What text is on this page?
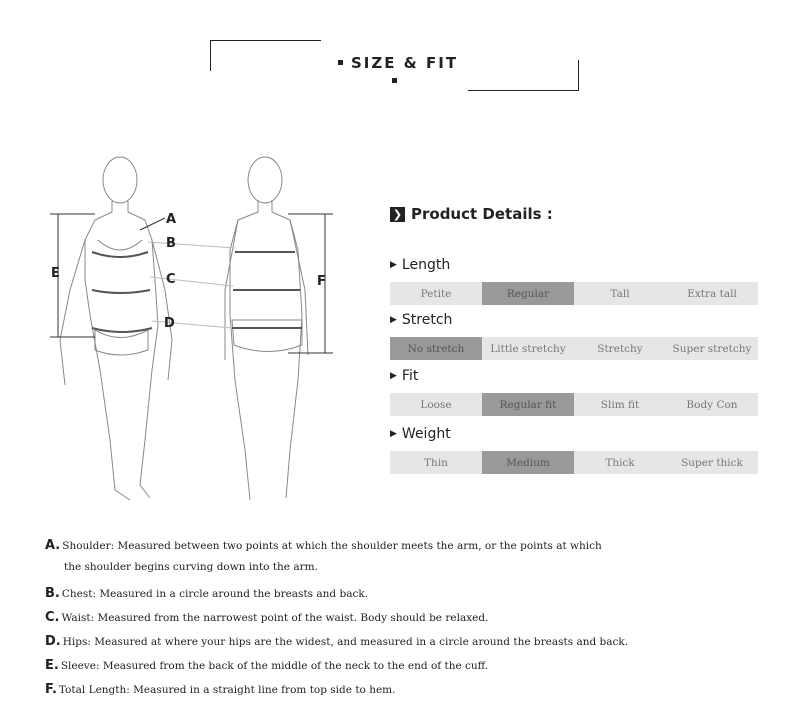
SIZE & FIT
A
B
C
D
E
F
❯ Product Details :
▶ Length
Petite	Regular	Tall	Extra tall
▶ Stretch
No stretch	Little stretchy	Stretchy	Super stretchy
▶ Fit
Loose	Regular fit	Slim fit	Body Con
▶ Weight
Thin	Medium	Thick	Super thick
A. Shoulder: Measured between two points at which the shoulder meets the arm, or the points at which
the shoulder begins curving down into the arm.
B. Chest: Measured in a circle around the breasts and back.
C. Waist: Measured from the narrowest point of the waist. Body should be relaxed.
D. Hips: Measured at where your hips are the widest, and measured in a circle around the breasts and back.
E. Sleeve: Measured from the back of the middle of the neck to the end of the cuff.
F. Total Length: Measured in a straight line from top side to hem.
